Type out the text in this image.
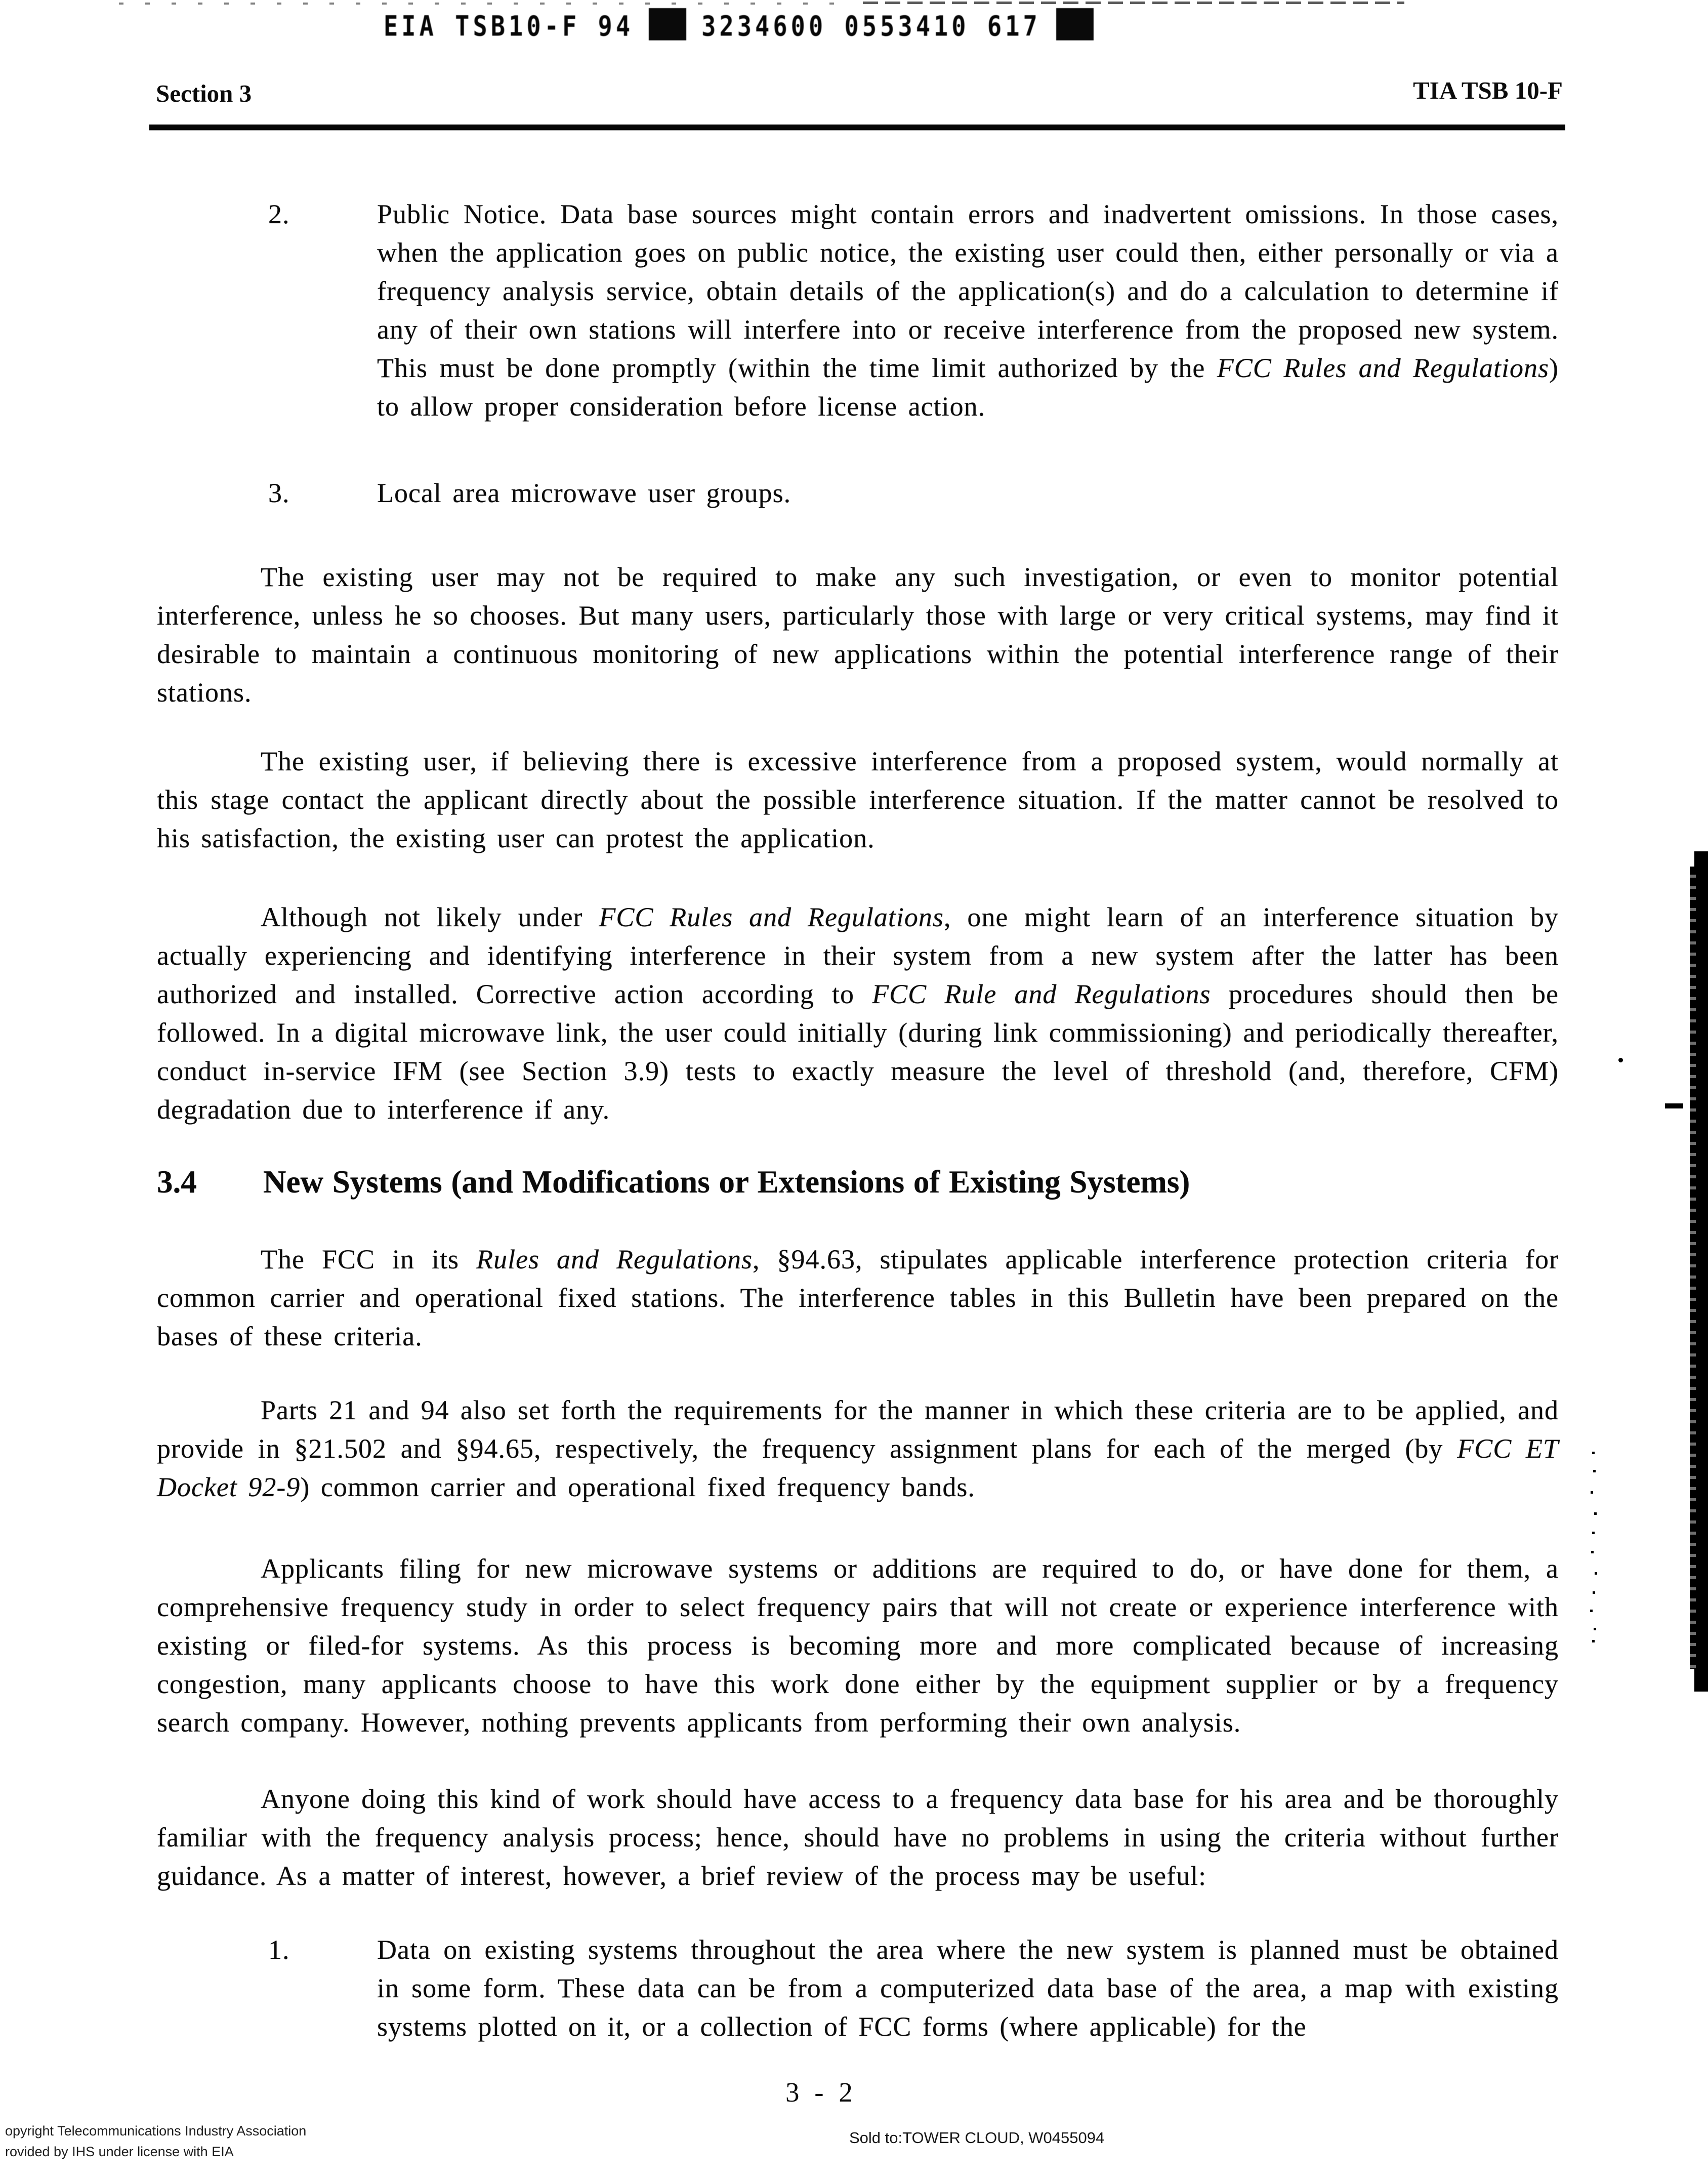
EIA TSB10-F 94	3234600 0553410 617
Section 3	TIA TSB 10-F
2.	Public Notice. Data base sources might contain errors and inadvertent omissions. In those cases, when the application goes on public notice, the existing user could then, either personally or via a frequency analysis service, obtain details of the application(s) and do a calculation to determine if any of their own stations will interfere into or receive interference from the proposed new system. This must be done promptly (within the time limit authorized by the FCC Rules and Regulations) to allow proper consideration before license action.
3.	Local area microwave user groups.

The existing user may not be required to make any such investigation, or even to monitor potential interference, unless he so chooses. But many users, particularly those with large or very critical systems, may find it desirable to maintain a continuous monitoring of new applications within the potential interference range of their stations.

The existing user, if believing there is excessive interference from a proposed system, would normally at this stage contact the applicant directly about the possible interference situation. If the matter cannot be resolved to his satisfaction, the existing user can protest the application.

Although not likely under FCC Rules and Regulations, one might learn of an interference situation by actually experiencing and identifying interference in their system from a new system after the latter has been authorized and installed. Corrective action according to FCC Rule and Regulations procedures should then be followed. In a digital microwave link, the user could initially (during link commissioning) and periodically thereafter, conduct in-service IFM (see Section 3.9) tests to exactly measure the level of threshold (and, therefore, CFM) degradation due to interference if any.

3.4	New Systems (and Modifications or Extensions of Existing Systems)

The FCC in its Rules and Regulations, §94.63, stipulates applicable interference protection criteria for common carrier and operational fixed stations. The interference tables in this Bulletin have been prepared on the bases of these criteria.

Parts 21 and 94 also set forth the requirements for the manner in which these criteria are to be applied, and provide in §21.502 and §94.65, respectively, the frequency assignment plans for each of the merged (by FCC ET Docket 92-9) common carrier and operational fixed frequency bands.

Applicants filing for new microwave systems or additions are required to do, or have done for them, a comprehensive frequency study in order to select frequency pairs that will not create or experience interference with existing or filed-for systems. As this process is becoming more and more complicated because of increasing congestion, many applicants choose to have this work done either by the equipment supplier or by a frequency search company. However, nothing prevents applicants from performing their own analysis.

Anyone doing this kind of work should have access to a frequency data base for his area and be thoroughly familiar with the frequency analysis process; hence, should have no problems in using the criteria without further guidance. As a matter of interest, however, a brief review of the process may be useful:

1.	Data on existing systems throughout the area where the new system is planned must be obtained in some form. These data can be from a computerized data base of the area, a map with existing systems plotted on it, or a collection of FCC forms (where applicable) for the
3 - 2
opyright Telecommunications Industry Association
rovided by IHS under license with EIA
Sold to:TOWER CLOUD, W0455094
